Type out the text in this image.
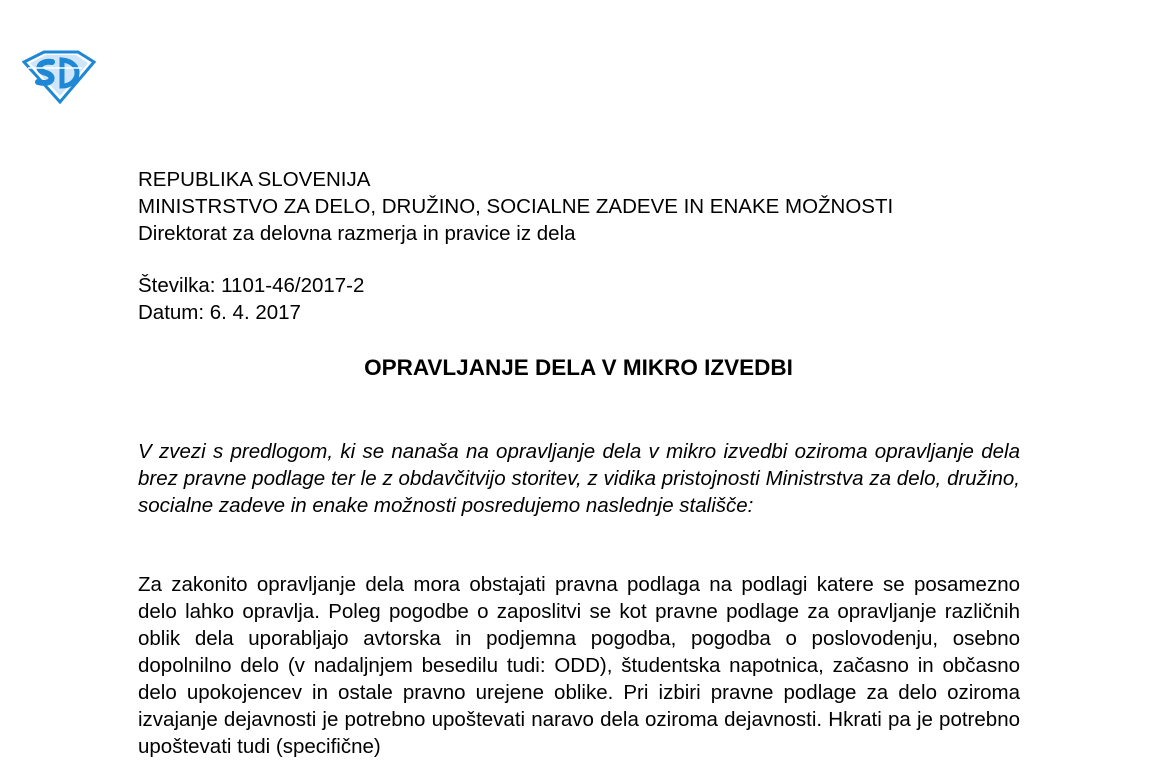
REPUBLIKA SLOVENIJA
MINISTRSTVO ZA DELO, DRUŽINO, SOCIALNE ZADEVE IN ENAKE MOŽNOSTI
Direktorat za delovna razmerja in pravice iz dela
Številka: 1101-46/2017-2
Datum: 6. 4. 2017
OPRAVLJANJE DELA V MIKRO IZVEDBI
V zvezi s predlogom, ki se nanaša na opravljanje dela v mikro izvedbi oziroma opravljanje dela brez pravne podlage ter le z obdavčitvijo storitev, z vidika pristojnosti Ministrstva za delo, družino, socialne zadeve in enake možnosti posredujemo naslednje stališče:
Za zakonito opravljanje dela mora obstajati pravna podlaga na podlagi katere se posamezno delo lahko opravlja. Poleg pogodbe o zaposlitvi se kot pravne podlage za opravljanje različnih oblik dela uporabljajo avtorska in podjemna pogodba, pogodba o poslovodenju, osebno dopolnilno delo (v nadaljnjem besedilu tudi: ODD), študentska napotnica, začasno in občasno delo upokojencev in ostale pravno urejene oblike. Pri izbiri pravne podlage za delo oziroma izvajanje dejavnosti je potrebno upoštevati naravo dela oziroma dejavnosti. Hkrati pa je potrebno upoštevati tudi (specifične)
